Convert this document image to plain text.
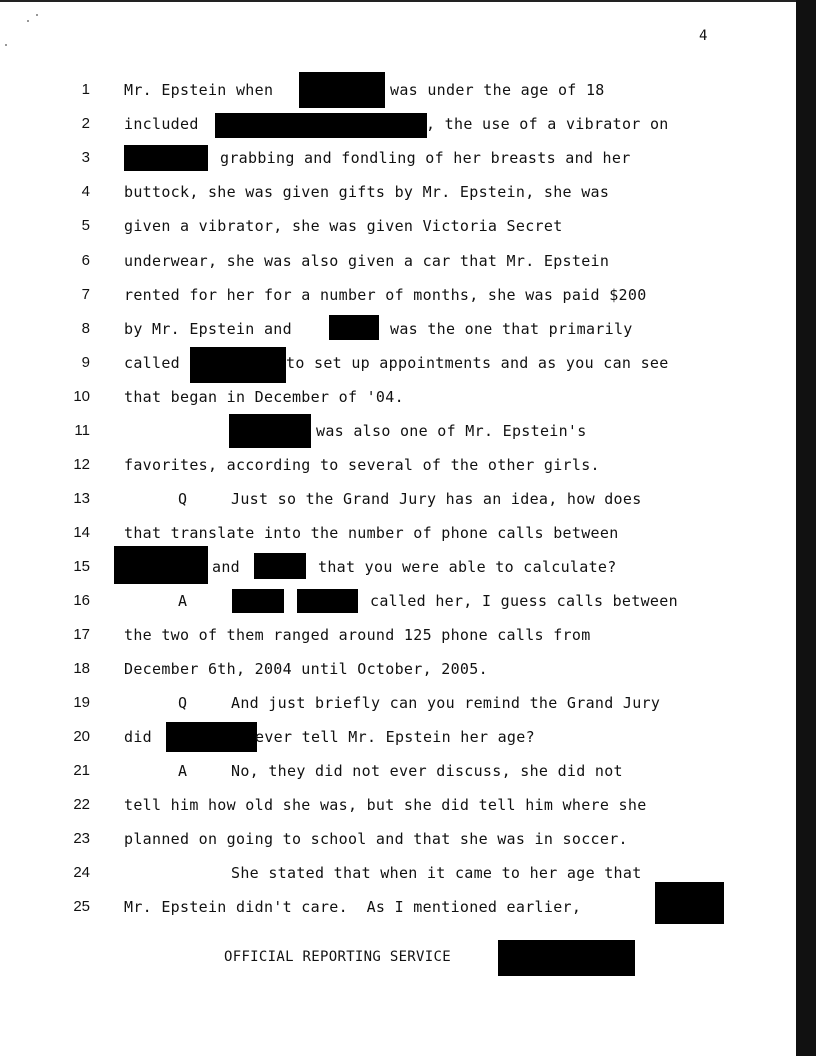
4
1 Mr. Epstein when	was under the age of 18
2 included	, the use of a vibrator on
3	grabbing and fondling of her breasts and her
4 buttock, she was given gifts by Mr. Epstein, she was
5 given a vibrator, she was given Victoria Secret
6 underwear, she was also given a car that Mr. Epstein
7 rented for her for a number of months, she was paid $200
8 by Mr. Epstein and	was the one that primarily
9 called	to set up appointments and as you can see
10 that began in December of '04.
11	was also one of Mr. Epstein's
12 favorites, according to several of the other girls.
13	Q	Just so the Grand Jury has an idea, how does
14 that translate into the number of phone calls between
15	and	that you were able to calculate?
16	A	called her, I guess calls between
17 the two of them ranged around 125 phone calls from
18 December 6th, 2004 until October, 2005.
19	Q	And just briefly can you remind the Grand Jury
20 did	ever tell Mr. Epstein her age?
21	A	No, they did not ever discuss, she did not
22 tell him how old she was, but she did tell him where she
23 planned on going to school and that she was in soccer.
24	She stated that when it came to her age that
25 Mr. Epstein didn't care.  As I mentioned earlier,
OFFICIAL REPORTING SERVICE
